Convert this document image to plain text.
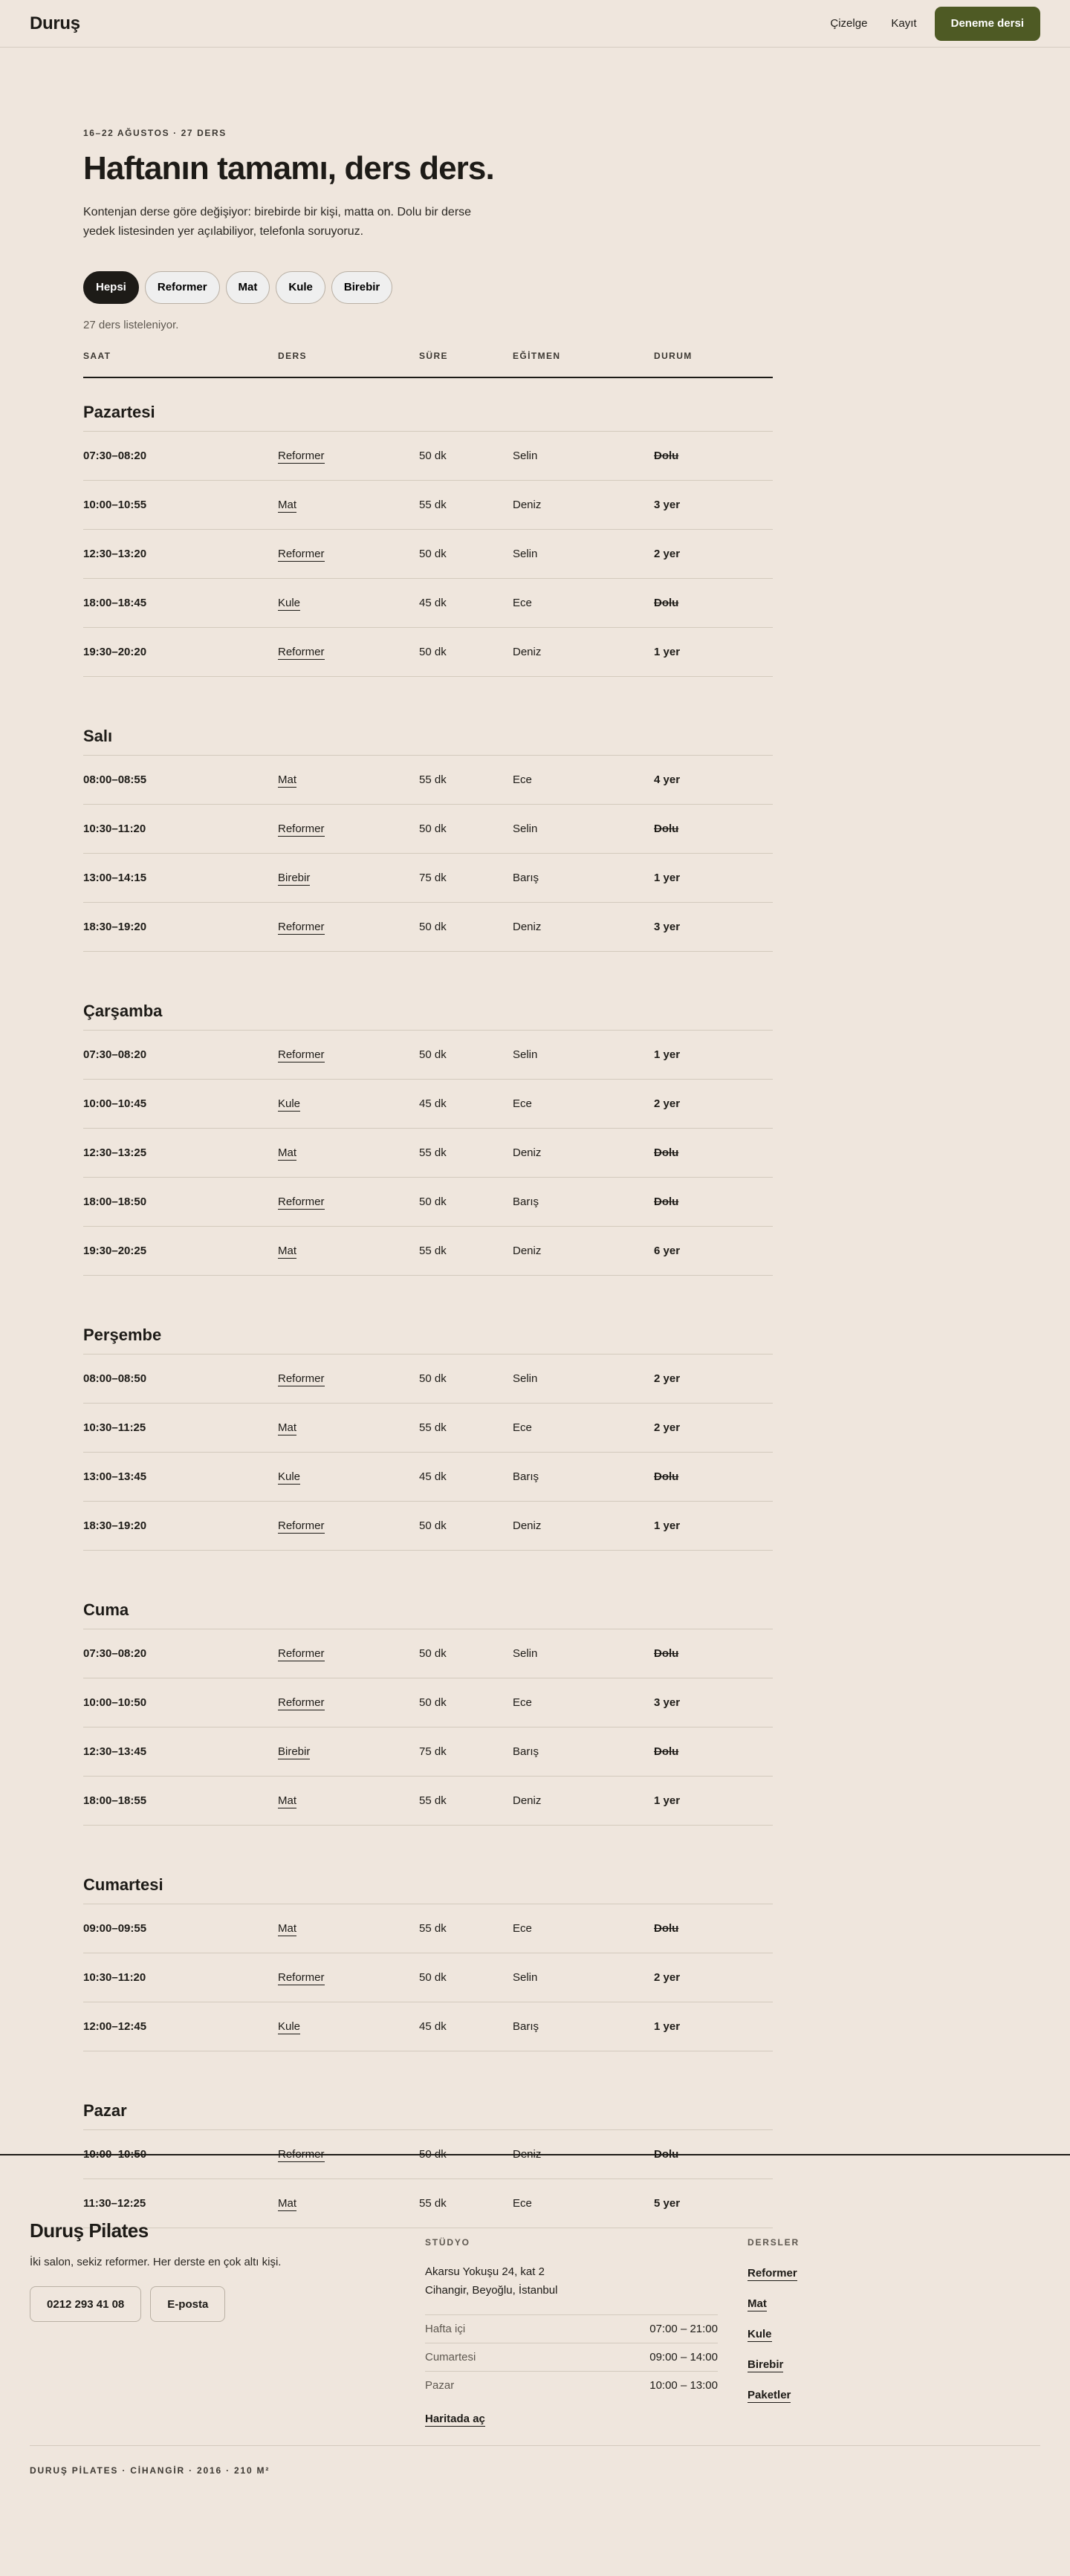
Duruş	Çizelge Kayıt	Deneme dersi
16–22 AĞUSTOS · 27 DERS
Haftanın tamamı, ders ders.

Kontenjan derse göre değişiyor: birebirde bir kişi, matta on. Dolu bir derse yedek listesinden yer açılabiliyor, telefonla soruyoruz.

Hepsi	Reformer	Mat	Kule	Birebir
27 ders listeleniyor.
SAAT	DERS	SÜRE	EĞİTMEN	DURUM
Pazartesi
07:30–08:20	Reformer	50 dk	Selin	Dolu
10:00–10:55	Mat	55 dk	Deniz	3 yer
12:30–13:20	Reformer	50 dk	Selin	2 yer
18:00–18:45	Kule	45 dk	Ece	Dolu
19:30–20:20	Reformer	50 dk	Deniz	1 yer
Salı
08:00–08:55	Mat	55 dk	Ece	4 yer
10:30–11:20	Reformer	50 dk	Selin	Dolu
13:00–14:15	Birebir	75 dk	Barış	1 yer
18:30–19:20	Reformer	50 dk	Deniz	3 yer
Çarşamba
07:30–08:20	Reformer	50 dk	Selin	1 yer
10:00–10:45	Kule	45 dk	Ece	2 yer
12:30–13:25	Mat	55 dk	Deniz	Dolu
18:00–18:50	Reformer	50 dk	Barış	Dolu
19:30–20:25	Mat	55 dk	Deniz	6 yer
Perşembe
08:00–08:50	Reformer	50 dk	Selin	2 yer
10:30–11:25	Mat	55 dk	Ece	2 yer
13:00–13:45	Kule	45 dk	Barış	Dolu
18:30–19:20	Reformer	50 dk	Deniz	1 yer
Cuma
07:30–08:20	Reformer	50 dk	Selin	Dolu
10:00–10:50	Reformer	50 dk	Ece	3 yer
12:30–13:45	Birebir	75 dk	Barış	Dolu
18:00–18:55	Mat	55 dk	Deniz	1 yer
Cumartesi
09:00–09:55	Mat	55 dk	Ece	Dolu
10:30–11:20	Reformer	50 dk	Selin	2 yer
12:00–12:45	Kule	45 dk	Barış	1 yer
Pazar
10:00–10:50	Reformer	50 dk	Deniz	Dolu
11:30–12:25	Mat	55 dk	Ece	5 yer
Duruş Pilates
İki salon, sekiz reformer. Her derste en çok altı kişi.
0212 293 41 08	E-posta
STÜDYO
Akarsu Yokuşu 24, kat 2
Cihangir, Beyoğlu, İstanbul
Hafta içi	07:00 – 21:00
Cumartesi	09:00 – 14:00
Pazar	10:00 – 13:00
Haritada aç
DERSLER
Reformer
Mat
Kule
Birebir
Paketler
DURUŞ PİLATES · CİHANGİR · 2016 · 210 M²
